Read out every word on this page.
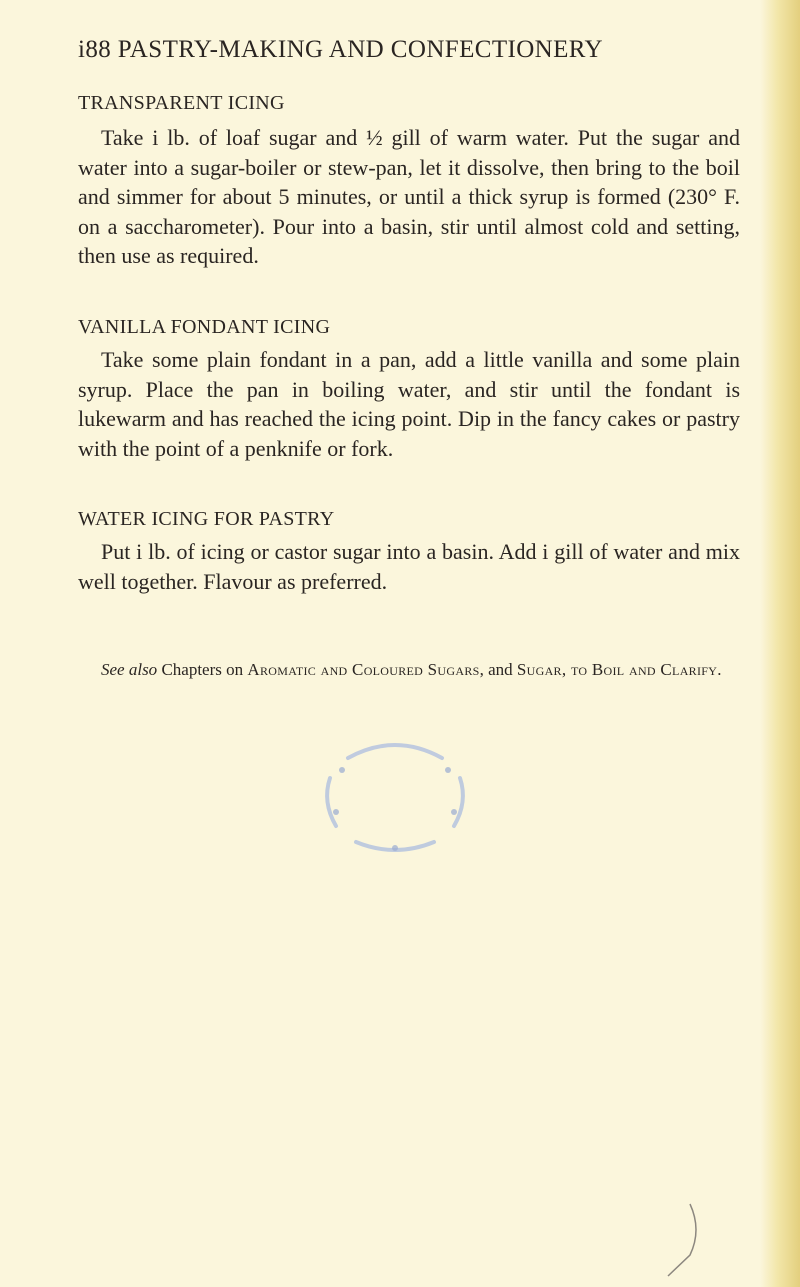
i88 PASTRY-MAKING AND CONFECTIONERY
TRANSPARENT ICING

Take i lb. of loaf sugar and ½ gill of warm water. Put the sugar and water into a sugar-boiler or stew-pan, let it dissolve, then bring to the boil and simmer for about 5 minutes, or until a thick syrup is formed (230° F. on a saccharometer). Pour into a basin, stir until almost cold and setting, then use as required.

VANILLA FONDANT ICING

Take some plain fondant in a pan, add a little vanilla and some plain syrup. Place the pan in boiling water, and stir until the fondant is lukewarm and has reached the icing point. Dip in the fancy cakes or pastry with the point of a penknife or fork.

WATER ICING FOR PASTRY

Put i lb. of icing or castor sugar into a basin. Add i gill of water and mix well together. Flavour as preferred.

See also Chapters on Aromatic and Coloured Sugars, and Sugar, to Boil and Clarify.
